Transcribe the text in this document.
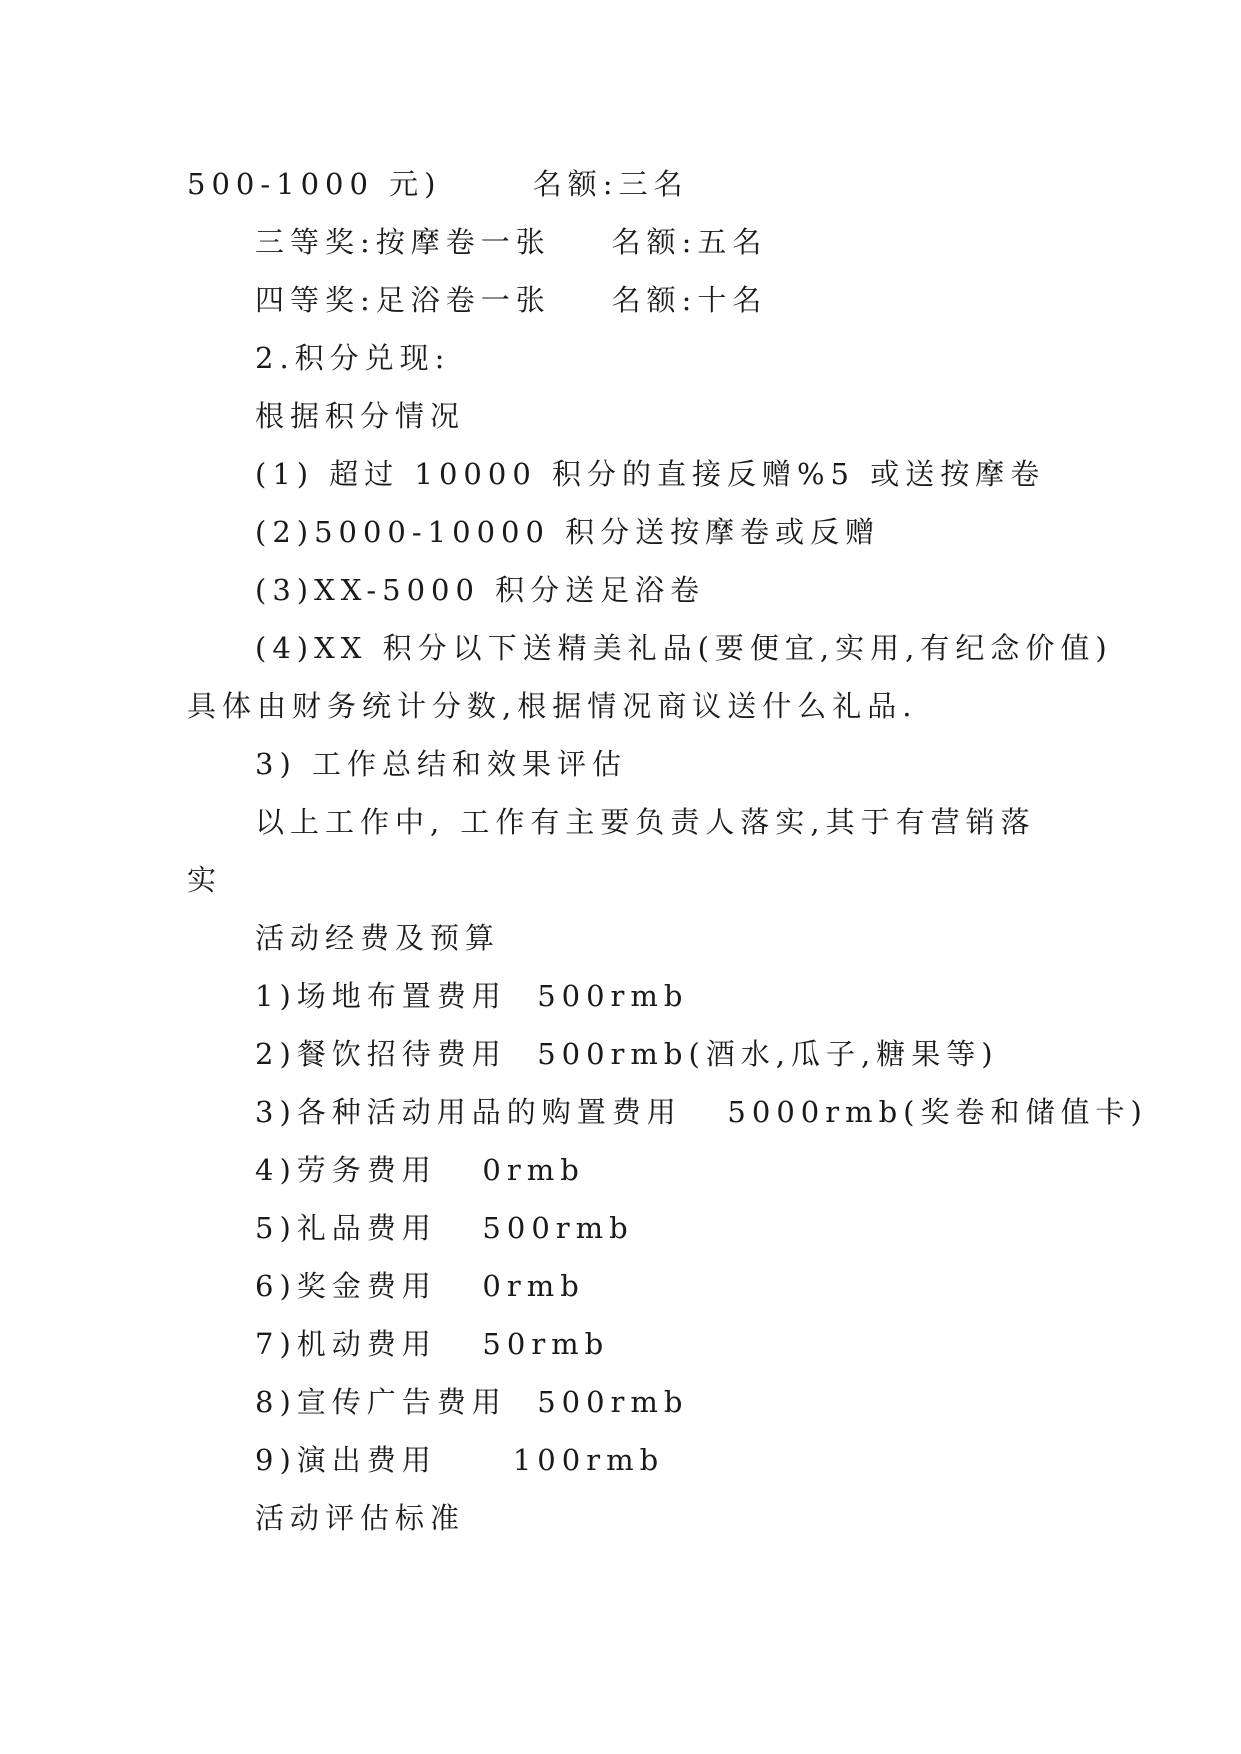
500-1000 元)      名额:三名
三等奖:按摩卷一张    名额:五名
四等奖:足浴卷一张    名额:十名
2.积分兑现:
根据积分情况
(1) 超过 10000 积分的直接反赠%5 或送按摩卷
(2)5000-10000 积分送按摩卷或反赠
(3)XX-5000 积分送足浴卷
(4)XX 积分以下送精美礼品(要便宜,实用,有纪念价值)
具体由财务统计分数,根据情况商议送什么礼品.
3) 工作总结和效果评估
以上工作中, 工作有主要负责人落实,其于有营销落
实
活动经费及预算
1)场地布置费用  500rmb
2)餐饮招待费用  500rmb(酒水,瓜子,糖果等)
3)各种活动用品的购置费用   5000rmb(奖卷和储值卡)
4)劳务费用   0rmb
5)礼品费用   500rmb
6)奖金费用   0rmb
7)机动费用   50rmb
8)宣传广告费用  500rmb
9)演出费用     100rmb
活动评估标准
